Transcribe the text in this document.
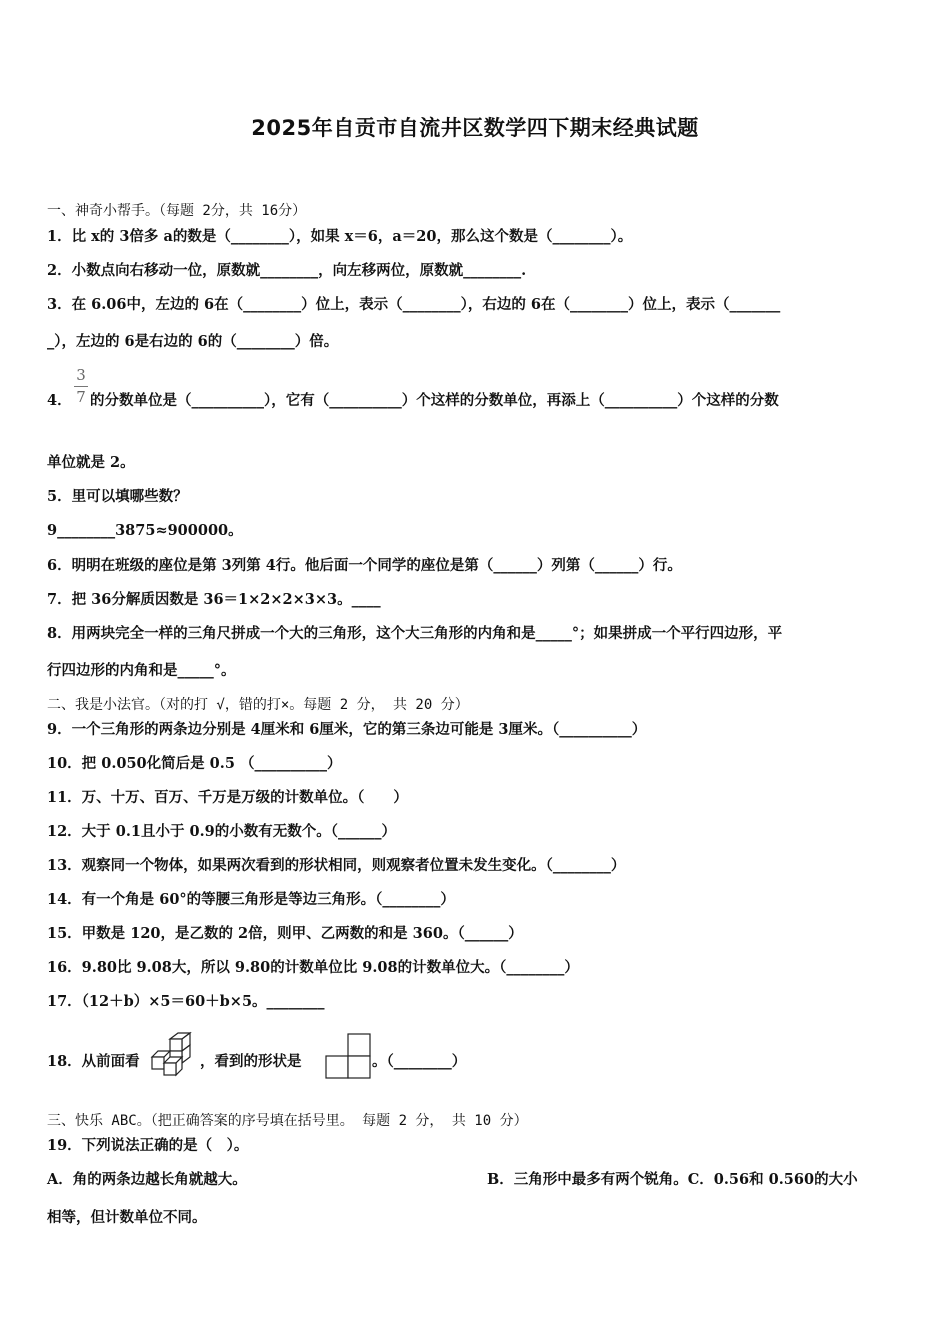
2025年自贡市自流井区数学四下期末经典试题
一、神奇小帮手。（每题 2分，共 16分）
1．比 x的 3倍多 a的数是（________），如果 x＝6，a＝20，那么这个数是（________）。
2．小数点向右移动一位，原数就________，向左移两位，原数就________.
3．在 6.06中，左边的 6在（________）位上，表示（________），右边的 6在（________）位上，表示（_______
_），左边的 6是右边的 6的（________）倍。
4．
3
7 的分数单位是（__________），它有（__________）个这样的分数单位，再添上（__________）个这样的分数
单位就是 2。
5．里可以填哪些数？
9________3875≈900000。
6．明明在班级的座位是第 3列第 4行。他后面一个同学的座位是第（______）列第（______）行。
7．把 36分解质因数是 36＝1×2×2×3×3。____
8．用两块完全一样的三角尺拼成一个大的三角形，这个大三角形的内角和是_____°；如果拼成一个平行四边形，平
行四边形的内角和是_____°。
二、我是小法官。（对的打 √，错的打×。每题 2 分， 共 20 分）
9．一个三角形的两条边分别是 4厘米和 6厘米，它的第三条边可能是 3厘米。（__________）
10．把 0.050化简后是 0.5 （__________）
11．万、十万、百万、千万是万级的计数单位。（　　）
12．大于 0.1且小于 0.9的小数有无数个。（______）
13．观察同一个物体，如果两次看到的形状相同，则观察者位置未发生变化。（________）
14．有一个角是 60°的等腰三角形是等边三角形。（________）
15．甲数是 120，是乙数的 2倍，则甲、乙两数的和是 360。（______）
16．9.80比 9.08大，所以 9.80的计数单位比 9.08的计数单位大。（________）
17．（12＋b）×5＝60＋b×5。________
18．从前面看	，看到的形状是	。（________）
三、快乐 ABC。（把正确答案的序号填在括号里。 每题 2 分， 共 10 分）
19．下列说法正确的是（　）。
A．角的两条边越长角就越大。	B．三角形中最多有两个锐角。C．0.56和 0.560的大小
相等，但计数单位不同。
